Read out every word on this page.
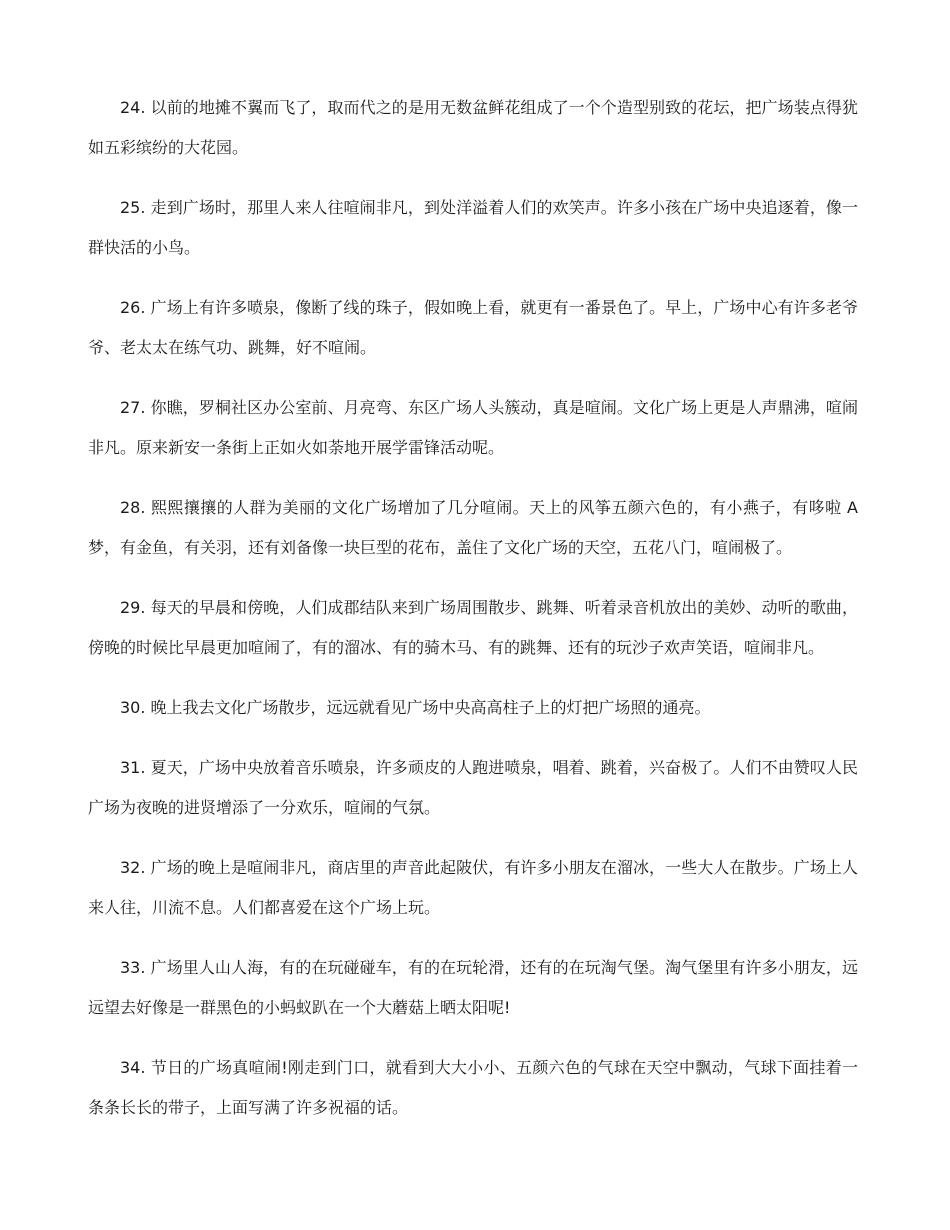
24. 以前的地摊不翼而飞了，取而代之的是用无数盆鲜花组成了一个个造型别致的花坛，把广场装点得犹如五彩缤纷的大花园。

25. 走到广场时，那里人来人往喧闹非凡，到处洋溢着人们的欢笑声。许多小孩在广场中央追逐着，像一群快活的小鸟。

26. 广场上有许多喷泉，像断了线的珠子，假如晚上看，就更有一番景色了。早上，广场中心有许多老爷爷、老太太在练气功、跳舞，好不喧闹。

27. 你瞧，罗桐社区办公室前、月亮弯、东区广场人头簇动，真是喧闹。文化广场上更是人声鼎沸，喧闹非凡。原来新安一条街上正如火如荼地开展学雷锋活动呢。

28. 熙熙攘攘的人群为美丽的文化广场增加了几分喧闹。天上的风筝五颜六色的，有小燕子，有哆啦 A 梦，有金鱼，有关羽，还有刘备像一块巨型的花布，盖住了文化广场的天空，五花八门，喧闹极了。

29. 每天的早晨和傍晚，人们成郡结队来到广场周围散步、跳舞、听着录音机放出的美妙、动听的歌曲，傍晚的时候比早晨更加喧闹了，有的溜冰、有的骑木马、有的跳舞、还有的玩沙子欢声笑语，喧闹非凡。

30. 晚上我去文化广场散步，远远就看见广场中央高高柱子上的灯把广场照的通亮。

31. 夏天，广场中央放着音乐喷泉，许多顽皮的人跑进喷泉，唱着、跳着，兴奋极了。人们不由赞叹人民广场为夜晚的进贤增添了一分欢乐，喧闹的气氛。

32. 广场的晚上是喧闹非凡，商店里的声音此起陂伏，有许多小朋友在溜冰，一些大人在散步。广场上人来人往，川流不息。人们都喜爱在这个广场上玩。

33. 广场里人山人海，有的在玩碰碰车，有的在玩轮滑，还有的在玩淘气堡。淘气堡里有许多小朋友，远远望去好像是一群黑色的小蚂蚁趴在一个大蘑菇上晒太阳呢!

34. 节日的广场真喧闹!刚走到门口，就看到大大小小、五颜六色的气球在天空中飘动，气球下面挂着一条条长长的带子，上面写满了许多祝福的话。
